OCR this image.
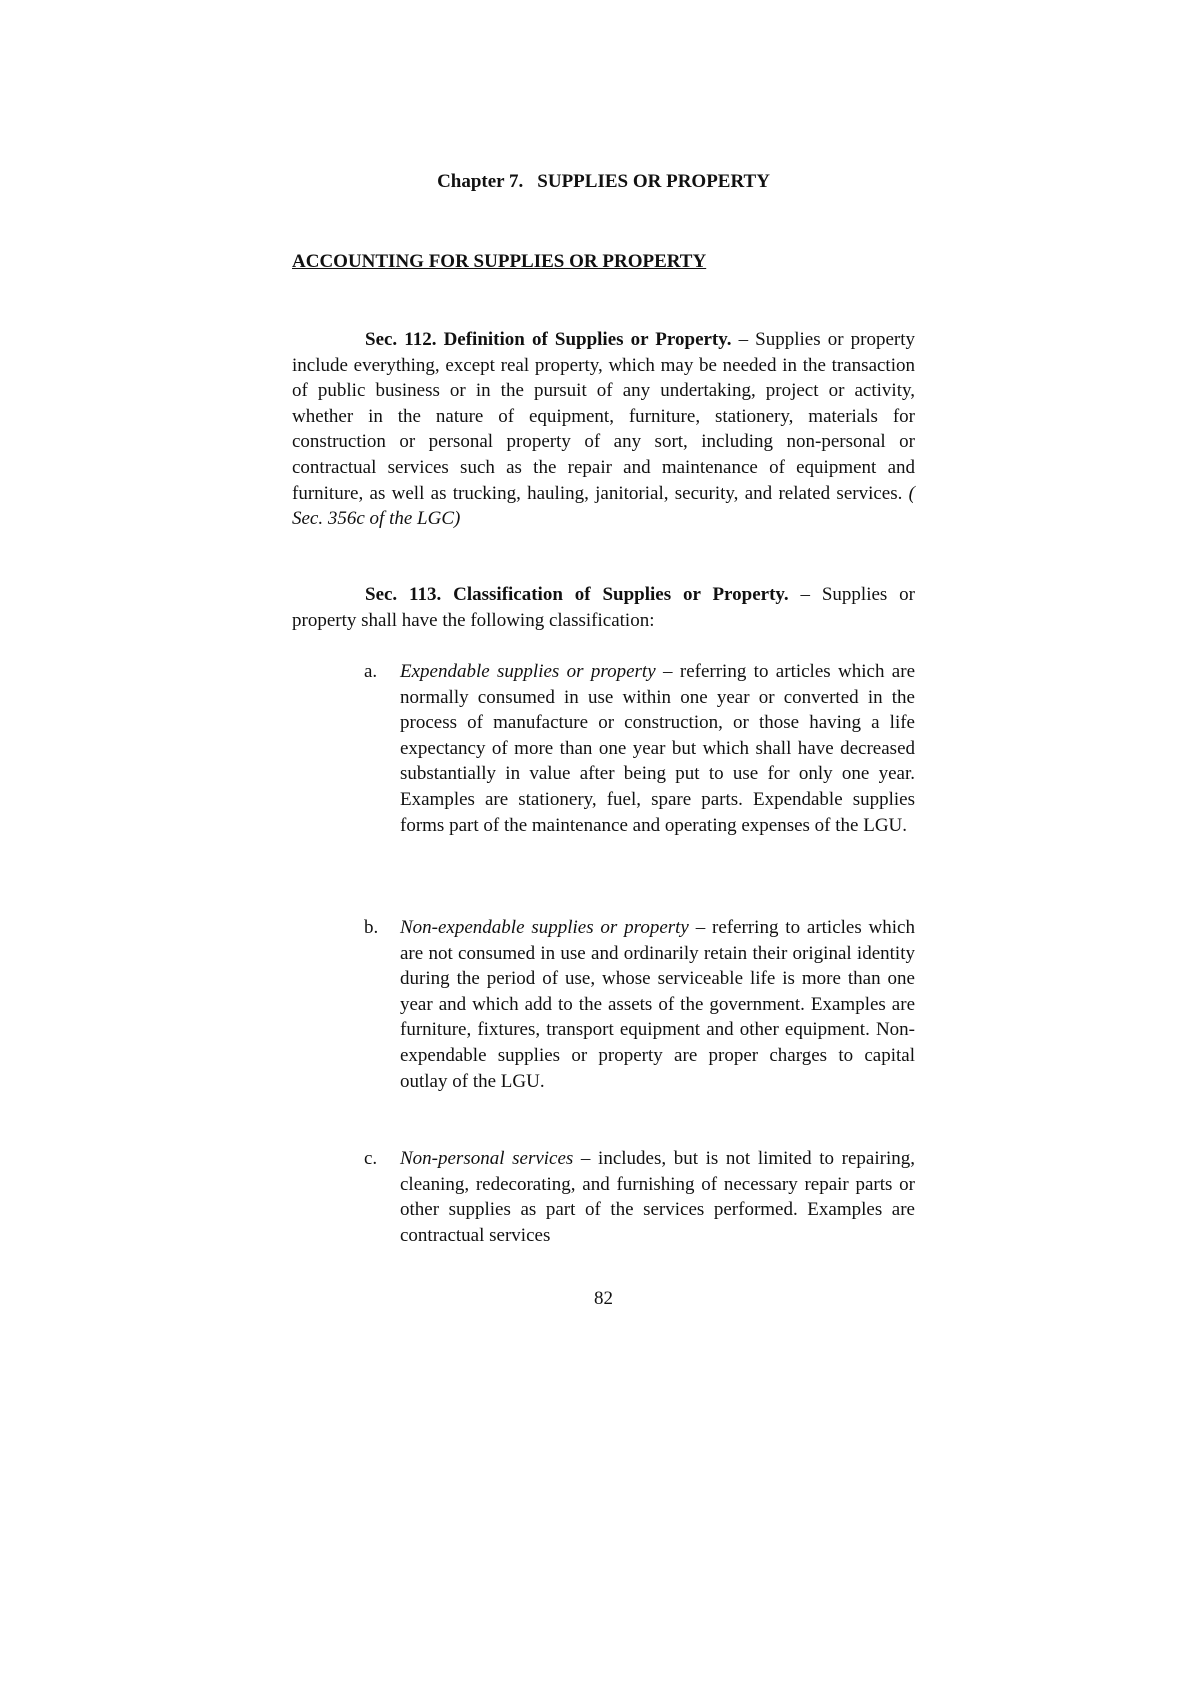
Chapter 7. SUPPLIES OR PROPERTY
ACCOUNTING FOR SUPPLIES OR PROPERTY

Sec. 112. Definition of Supplies or Property. – Supplies or property include everything, except real property, which may be needed in the transaction of public business or in the pursuit of any undertaking, project or activity, whether in the nature of equipment, furniture, stationery, materials for construction or personal property of any sort, including non-personal or contractual services such as the repair and maintenance of equipment and furniture, as well as trucking, hauling, janitorial, security, and related services. ( Sec. 356c of the LGC)

Sec. 113. Classification of Supplies or Property. – Supplies or property shall have the following classification:

a. Expendable supplies or property – referring to articles which are normally consumed in use within one year or converted in the process of manufacture or construction, or those having a life expectancy of more than one year but which shall have decreased substantially in value after being put to use for only one year. Examples are stationery, fuel, spare parts. Expendable supplies forms part of the maintenance and operating expenses of the LGU.
b. Non-expendable supplies or property – referring to articles which are not consumed in use and ordinarily retain their original identity during the period of use, whose serviceable life is more than one year and which add to the assets of the government. Examples are furniture, fixtures, transport equipment and other equipment. Non-expendable supplies or property are proper charges to capital outlay of the LGU.
c. Non-personal services – includes, but is not limited to repairing, cleaning, redecorating, and furnishing of necessary repair parts or other supplies as part of the services performed. Examples are contractual services

82
